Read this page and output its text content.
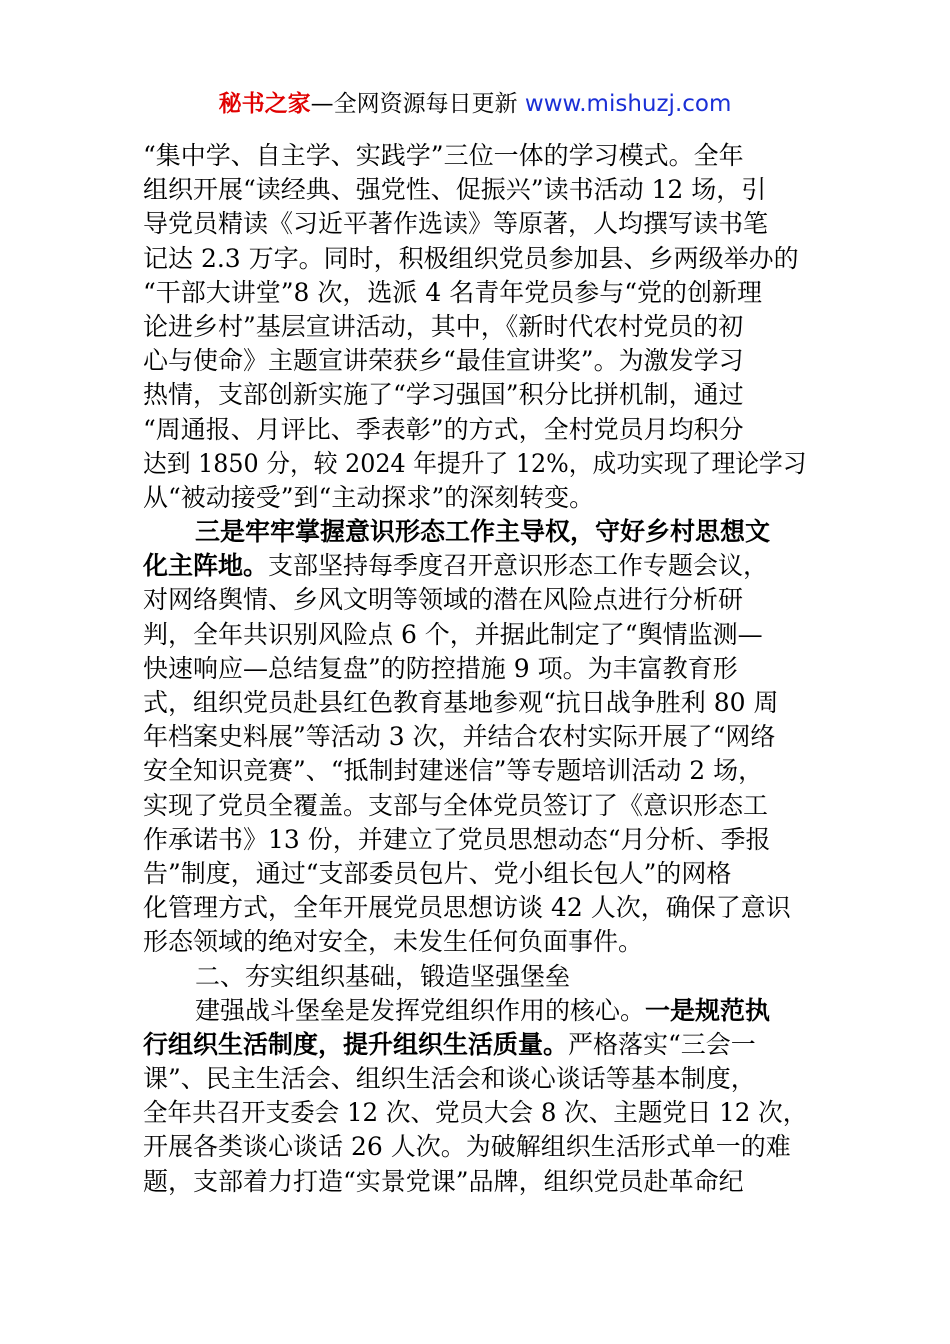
秘书之家—全网资源每日更新 www.mishuzj.com
“集中学、自主学、实践学”三位一体的学习模式。全年
组织开展“读经典、强党性、促振兴”读书活动 12 场，引
导党员精读《习近平著作选读》等原著，人均撰写读书笔
记达 2.3 万字。同时，积极组织党员参加县、乡两级举办的
“干部大讲堂”8 次，选派 4 名青年党员参与“党的创新理
论进乡村”基层宣讲活动，其中，《新时代农村党员的初
心与使命》主题宣讲荣获乡“最佳宣讲奖”。为激发学习
热情，支部创新实施了“学习强国”积分比拼机制，通过
“周通报、月评比、季表彰”的方式，全村党员月均积分
达到 1850 分，较 2024 年提升了 12%，成功实现了理论学习
从“被动接受”到“主动探求”的深刻转变。
三是牢牢掌握意识形态工作主导权，守好乡村思想文
化主阵地。支部坚持每季度召开意识形态工作专题会议，
对网络舆情、乡风文明等领域的潜在风险点进行分析研
判，全年共识别风险点 6 个，并据此制定了“舆情监测—
快速响应—总结复盘”的防控措施 9 项。为丰富教育形
式，组织党员赴县红色教育基地参观“抗日战争胜利 80 周
年档案史料展”等活动 3 次，并结合农村实际开展了“网络
安全知识竞赛”、“抵制封建迷信”等专题培训活动 2 场，
实现了党员全覆盖。支部与全体党员签订了《意识形态工
作承诺书》13 份，并建立了党员思想动态“月分析、季报
告”制度，通过“支部委员包片、党小组长包人”的网格
化管理方式，全年开展党员思想访谈 42 人次，确保了意识
形态领域的绝对安全，未发生任何负面事件。
二、夯实组织基础，锻造坚强堡垒
建强战斗堡垒是发挥党组织作用的核心。一是规范执
行组织生活制度，提升组织生活质量。严格落实“三会一
课”、民主生活会、组织生活会和谈心谈话等基本制度，
全年共召开支委会 12 次、党员大会 8 次、主题党日 12 次，
开展各类谈心谈话 26 人次。为破解组织生活形式单一的难
题，支部着力打造“实景党课”品牌，组织党员赴革命纪
